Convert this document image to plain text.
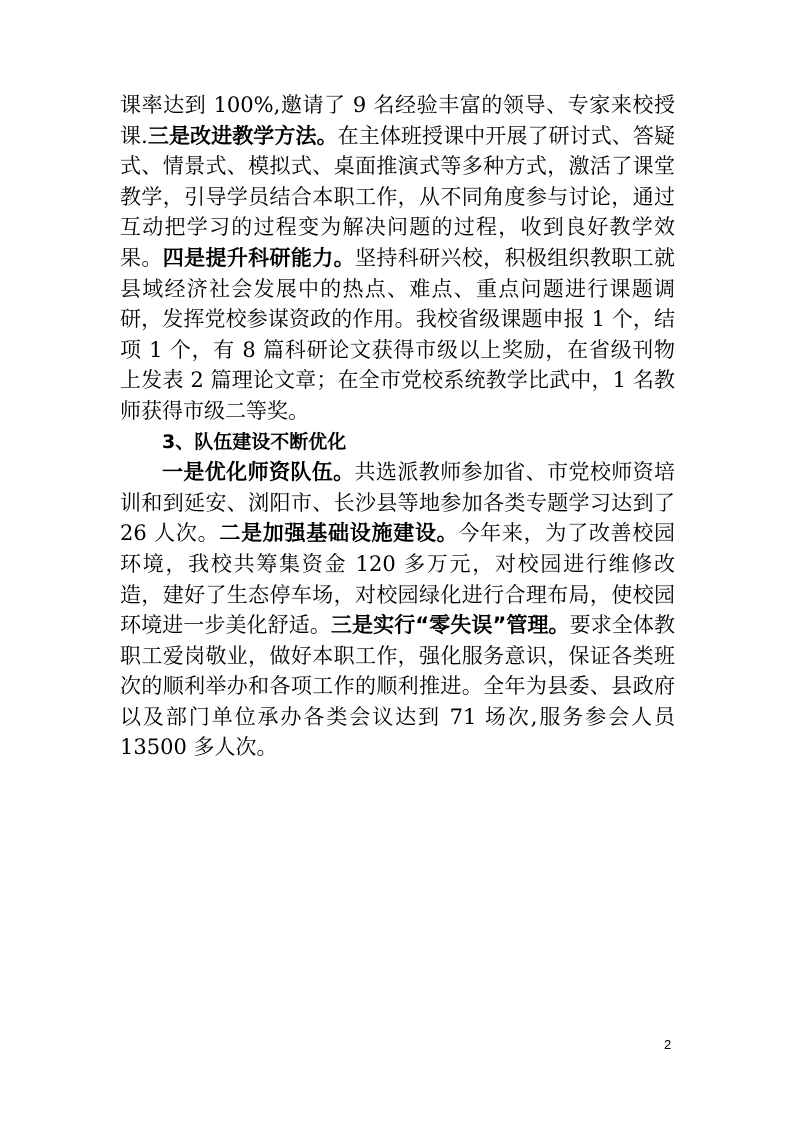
课率达到 100%,邀请了 9 名经验丰富的领导、专家来校授课.三是改进教学方法。在主体班授课中开展了研讨式、答疑式、情景式、模拟式、桌面推演式等多种方式，激活了课堂教学，引导学员结合本职工作，从不同角度参与讨论，通过互动把学习的过程变为解决问题的过程，收到良好教学效果。四是提升科研能力。坚持科研兴校，积极组织教职工就县域经济社会发展中的热点、难点、重点问题进行课题调研，发挥党校参谋资政的作用。我校省级课题申报 1 个，结项 1 个，有 8 篇科研论文获得市级以上奖励，在省级刊物上发表 2 篇理论文章；在全市党校系统教学比武中，1 名教师获得市级二等奖。

3、队伍建设不断优化

一是优化师资队伍。共选派教师参加省、市党校师资培训和到延安、浏阳市、长沙县等地参加各类专题学习达到了 26 人次。二是加强基础设施建设。今年来，为了改善校园环境，我校共筹集资金 120 多万元，对校园进行维修改造，建好了生态停车场，对校园绿化进行合理布局，使校园环境进一步美化舒适。三是实行“零失误”管理。要求全体教职工爱岗敬业，做好本职工作，强化服务意识，保证各类班次的顺利举办和各项工作的顺利推进。全年为县委、县政府以及部门单位承办各类会议达到 71 场次,服务参会人员 13500 多人次。

2
